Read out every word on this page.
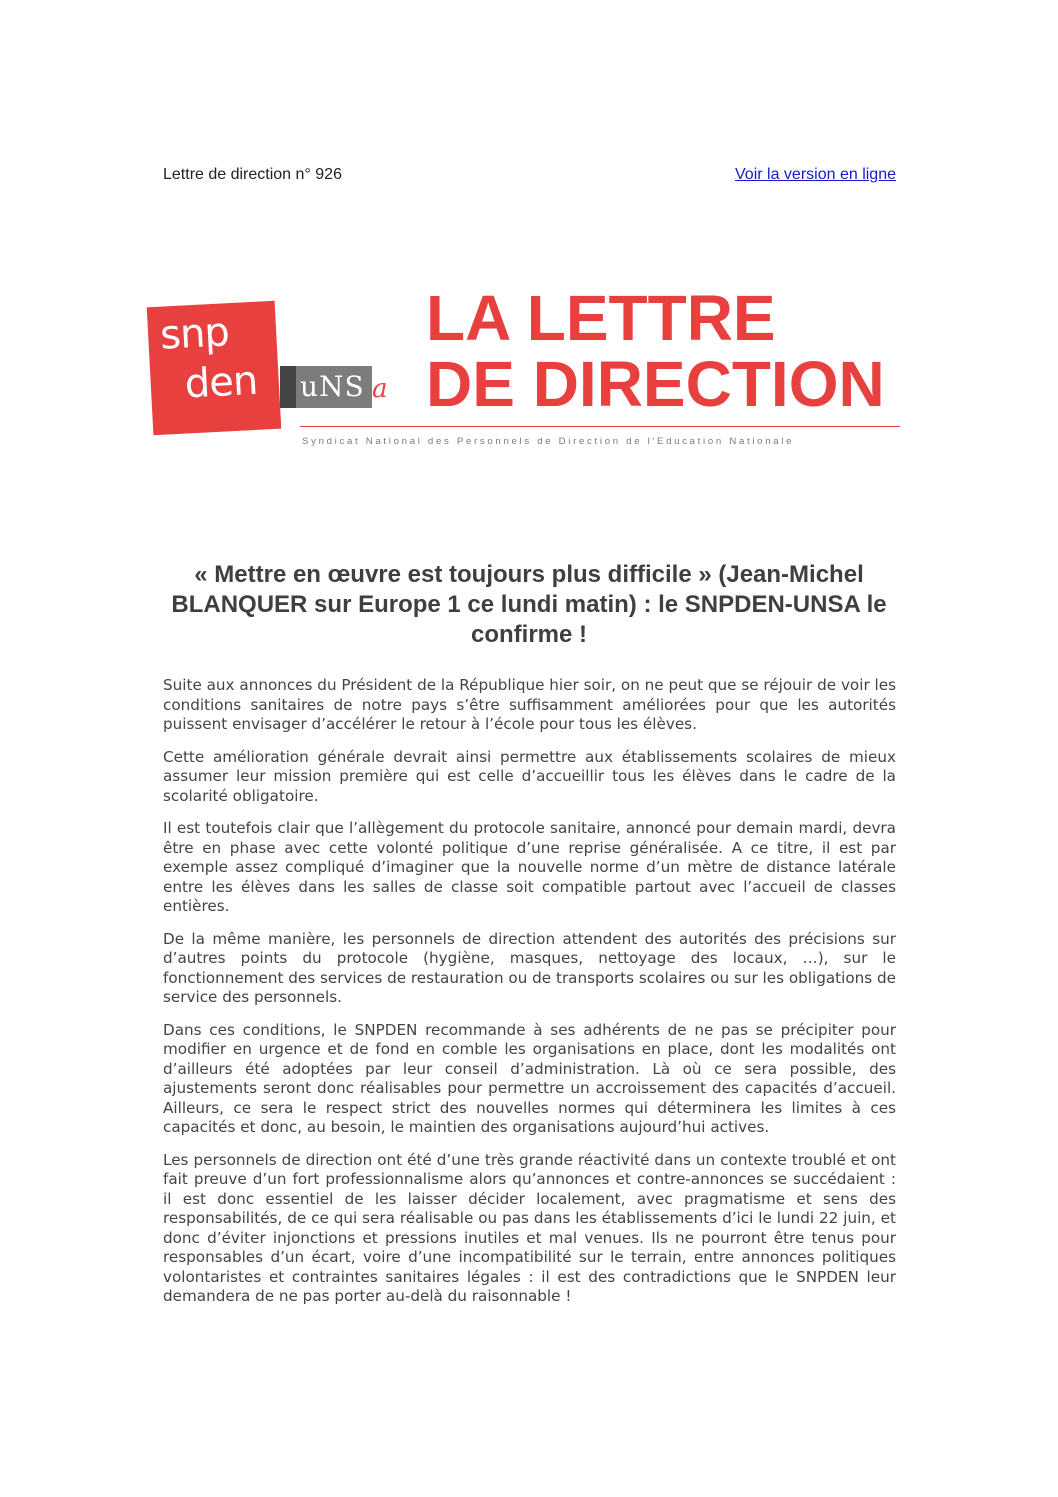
Lettre de direction n° 926	Voir la version en ligne
snp
den uNS a
LA LETTRE
DE DIRECTION
Syndicat National des Personnels de Direction de l'Education Nationale
« Mettre en œuvre est toujours plus difficile » (Jean-Michel BLANQUER sur Europe 1 ce lundi matin) : le SNPDEN-UNSA le confirme !

Suite aux annonces du Président de la République hier soir, on ne peut que se réjouir de voir les conditions sanitaires de notre pays s’être suffisamment améliorées pour que les autorités puissent envisager d’accélérer le retour à l’école pour tous les élèves.

Cette amélioration générale devrait ainsi permettre aux établissements scolaires de mieux assumer leur mission première qui est celle d’accueillir tous les élèves dans le cadre de la scolarité obligatoire.

Il est toutefois clair que l’allègement du protocole sanitaire, annoncé pour demain mardi, devra être en phase avec cette volonté politique d’une reprise généralisée. A ce titre, il est par exemple assez compliqué d’imaginer que la nouvelle norme d’un mètre de distance latérale entre les élèves dans les salles de classe soit compatible partout avec l’accueil de classes entières.

De la même manière, les personnels de direction attendent des autorités des précisions sur d’autres points du protocole (hygiène, masques, nettoyage des locaux, …), sur le fonctionnement des services de restauration ou de transports scolaires ou sur les obligations de service des personnels.

Dans ces conditions, le SNPDEN recommande à ses adhérents de ne pas se précipiter pour modifier en urgence et de fond en comble les organisations en place, dont les modalités ont d’ailleurs été adoptées par leur conseil d’administration. Là où ce sera possible, des ajustements seront donc réalisables pour permettre un accroissement des capacités d’accueil. Ailleurs, ce sera le respect strict des nouvelles normes qui déterminera les limites à ces capacités et donc, au besoin, le maintien des organisations aujourd’hui actives.

Les personnels de direction ont été d’une très grande réactivité dans un contexte troublé et ont fait preuve d’un fort professionnalisme alors qu’annonces et contre-annonces se succédaient : il est donc essentiel de les laisser décider localement, avec pragmatisme et sens des responsabilités, de ce qui sera réalisable ou pas dans les établissements d’ici le lundi 22 juin, et donc d’éviter injonctions et pressions inutiles et mal venues. Ils ne pourront être tenus pour responsables d’un écart, voire d’une incompatibilité sur le terrain, entre annonces politiques volontaristes et contraintes sanitaires légales : il est des contradictions que le SNPDEN leur demandera de ne pas porter au-delà du raisonnable !
